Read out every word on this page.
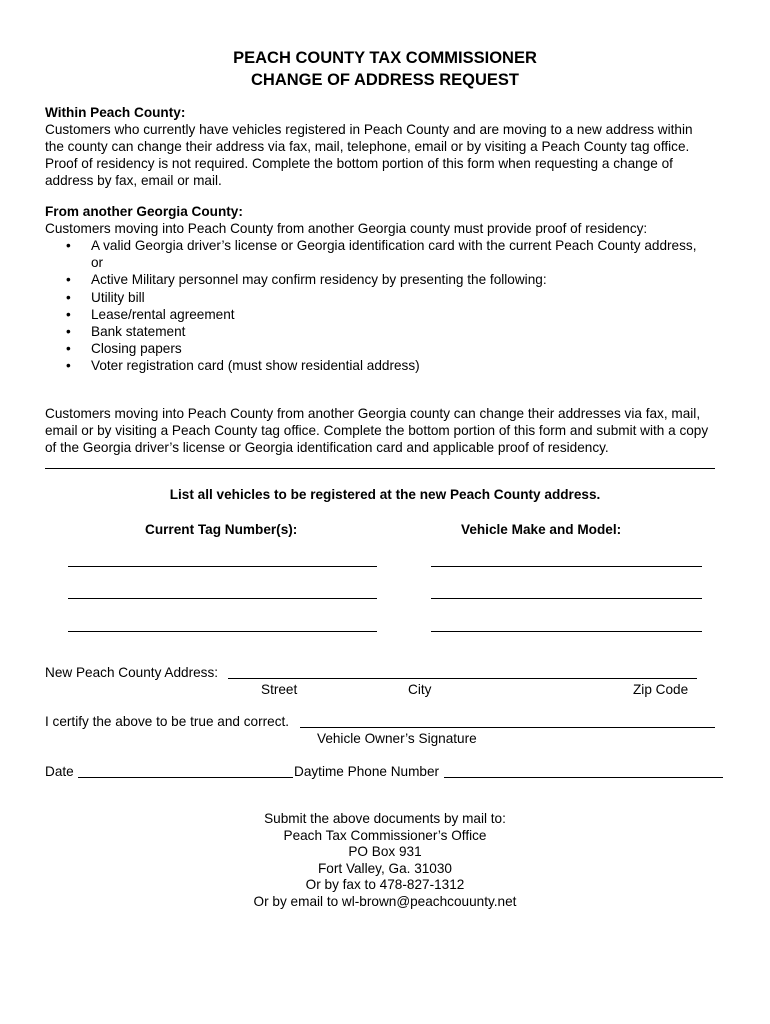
PEACH COUNTY TAX COMMISSIONER
CHANGE OF ADDRESS REQUEST
Within Peach County:
Customers who currently have vehicles registered in Peach County and are moving to a new address within
the county can change their address via fax, mail, telephone, email or by visiting a Peach County tag office.
Proof of residency is not required. Complete the bottom portion of this form when requesting a change of
address by fax, email or mail.
From another Georgia County:
Customers moving into Peach County from another Georgia county must provide proof of residency:
• A valid Georgia driver’s license or Georgia identification card with the current Peach County address,
or
• Active Military personnel may confirm residency by presenting the following:
• Utility bill
• Lease/rental agreement
• Bank statement
• Closing papers
• Voter registration card (must show residential address)
Customers moving into Peach County from another Georgia county can change their addresses via fax, mail,
email or by visiting a Peach County tag office. Complete the bottom portion of this form and submit with a copy
of the Georgia driver’s license or Georgia identification card and applicable proof of residency.
List all vehicles to be registered at the new Peach County address.
Current Tag Number(s):	Vehicle Make and Model:
New Peach County Address:
Street	City	Zip Code
I certify the above to be true and correct.
Vehicle Owner’s Signature
Date	Daytime Phone Number
Submit the above documents by mail to:
Peach Tax Commissioner’s Office
PO Box 931
Fort Valley, Ga. 31030
Or by fax to 478-827-1312
Or by email to wl-brown@peachcouunty.net
